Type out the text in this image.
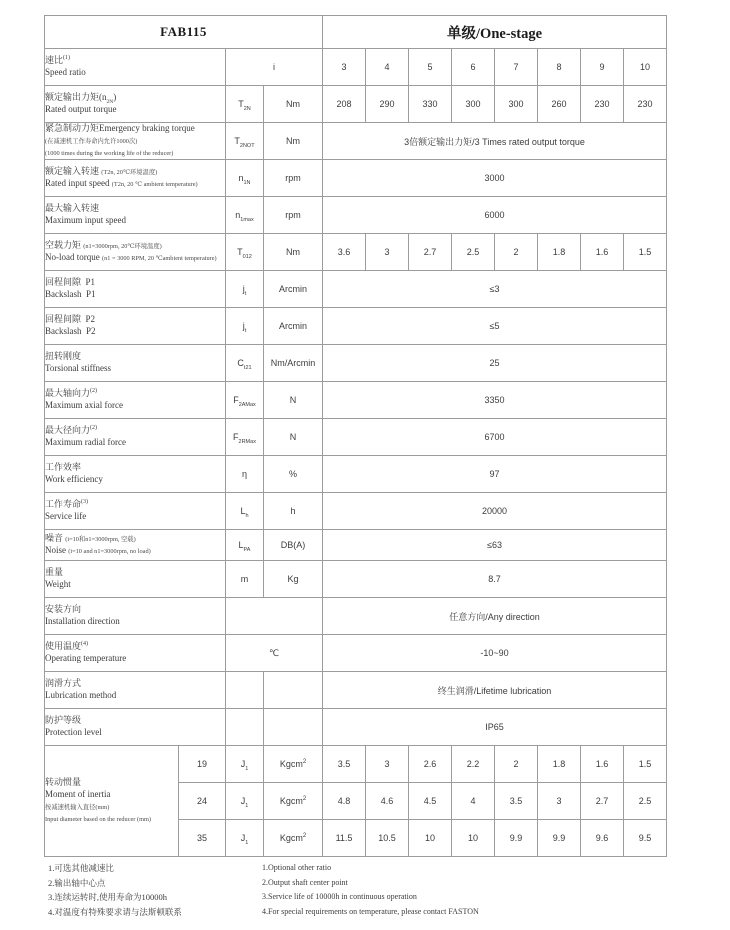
FAB115				单级/One-stage							

速比$^{(1)}$
Speed ratio		i		3	4	5	6	7	8	9	10

额定输出力矩$(n_{2N})$
Rated output torque		$T_{2N}$	Nm	208	290	330	300	300	260	230	230

紧急制动力矩Emergency braking torque
(在减速机工作寿命内允许1000次)
(1000 times during the working life of the reducer)		$T_{2NOT}$	Nm	3倍额定输出力矩/3 Times rated output torque							

额定输入转速 (T2n, 20℃环境温度)
Rated input speed (T2n, 20 ℃ ambient temperature)		$n_{1N}$	rpm	3000							

最大输入转速
Maximum input speed		$n_{1max}$	rpm	6000							

空载力矩 (n1=3000rpm, 20℃环境温度)
No-load torque (n1 = 3000 RPM, 20 ℃ambient temperature)		$T_{012}$	Nm	3.6	3	2.7	2.5	2	1.8	1.6	1.5

回程间隙  P1
Backslash  P1		$j_t$	Arcmin	≤3							

回程间隙  P2
Backslash  P2		$j_t$	Arcmin	≤5							

扭转刚度
Torsional stiffness		$C_{t21}$	Nm/Arcmin	25							

最大轴向力$^{(2)}$
Maximum axial force		$F_{2AMax}$	N	3350							

最大径向力$^{(2)}$
Maximum radial force		$F_{2RMax}$	N	6700							

工作效率
Work efficiency		η	%	97							

工作寿命$^{(3)}$
Service life		$L_h$	h	20000							

噪音 (i=10和n1=3000rpm, 空载)
Noise (i=10 and n1=3000rpm, no load)		$L_{PA}$	DB(A)	≤63							

重量
Weight		m	Kg	8.7							

安装方向
Installation direction				任意方向/Any direction							

使用温度$^{(4)}$
Operating temperature		℃		-10~90							

润滑方式
Lubrication method				终生润滑/Lifetime lubrication							

防护等级
Protection level				IP65							

转动惯量
Moment of inertia
按减速机输入直径(mm)
Input diameter based on the reducer (mm)	19	$J_1$	Kgcm$^2$	3.5	3	2.6	2.2	2	1.8	1.6	1.5
	24	$J_1$	Kgcm$^2$	4.8	4.6	4.5	4	3.5	3	2.7	2.5
	35	$J_1$	Kgcm$^2$	11.5	10.5	10	10	9.9	9.9	9.6	9.5
1.可选其他减速比
2.输出轴中心点
3.连续运转时,使用寿命为10000h
4.对温度有特殊要求请与法斯顿联系
1.Optional other ratio
2.Output shaft center point
3.Service life of 10000h in continuous operation
4.For special requirements on temperature, please contact FASTON
